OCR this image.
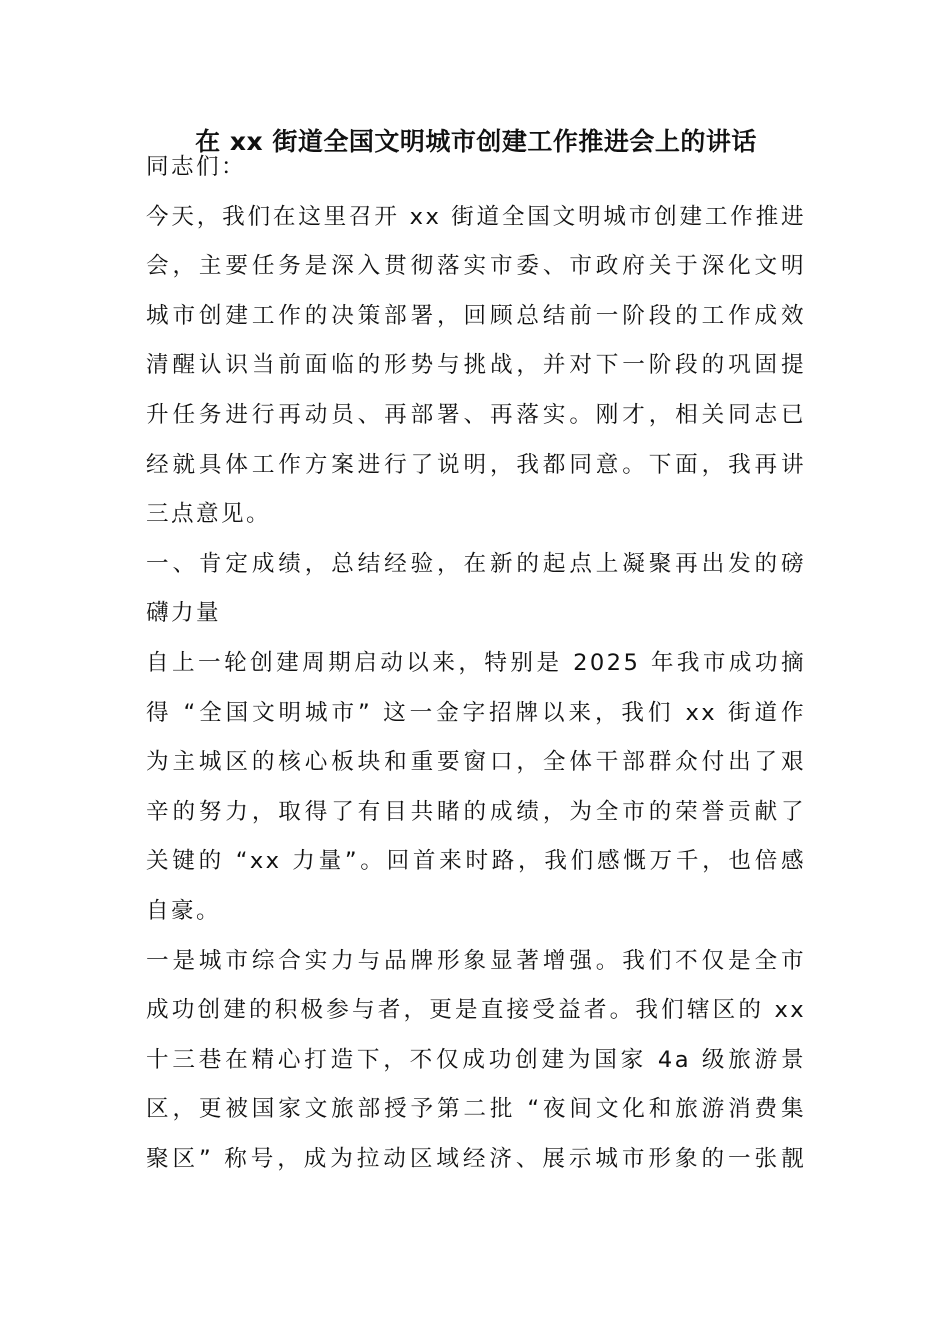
在 xx 街道全国文明城市创建工作推进会上的讲话
同志们：
今天，我们在这里召开 xx 街道全国文明城市创建工作推进
会，主要任务是深入贯彻落实市委、市政府关于深化文明
城市创建工作的决策部署，回顾总结前一阶段的工作成效
清醒认识当前面临的形势与挑战，并对下一阶段的巩固提
升任务进行再动员、再部署、再落实。刚才，相关同志已
经就具体工作方案进行了说明，我都同意。下面，我再讲
三点意见。
一、肯定成绩，总结经验，在新的起点上凝聚再出发的磅
礴力量
自上一轮创建周期启动以来，特别是 2025 年我市成功摘
得 “全国文明城市” 这一金字招牌以来，我们 xx 街道作
为主城区的核心板块和重要窗口，全体干部群众付出了艰
辛的努力，取得了有目共睹的成绩，为全市的荣誉贡献了
关键的 “xx 力量”。回首来时路，我们感慨万千，也倍感
自豪。
一是城市综合实力与品牌形象显著增强。我们不仅是全市
成功创建的积极参与者，更是直接受益者。我们辖区的 xx
十三巷在精心打造下，不仅成功创建为国家 4a 级旅游景
区，更被国家文旅部授予第二批 “夜间文化和旅游消费集
聚区” 称号，成为拉动区域经济、展示城市形象的一张靓
